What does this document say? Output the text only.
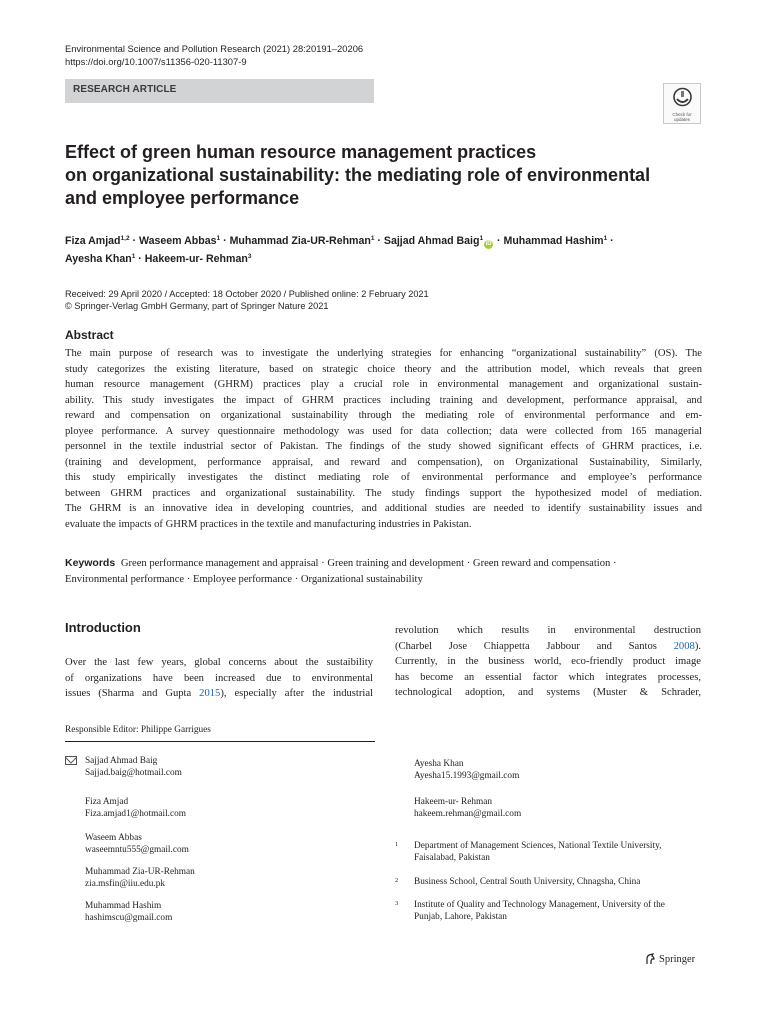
Environmental Science and Pollution Research (2021) 28:20191–20206
https://doi.org/10.1007/s11356-020-11307-9
RESEARCH ARTICLE
Check for updates
Effect of green human resource management practices
on organizational sustainability: the mediating role of environmental
and employee performance
Fiza Amjad$^{1,2}$ · Waseem Abbas$^1$ · Muhammad Zia-UR-Rehman$^1$ · Sajjad Ahmad Baig$^1$iD · Muhammad Hashim$^1$ ·
Ayesha Khan$^1$ · Hakeem-ur- Rehman$^3$
Received: 29 April 2020 / Accepted: 18 October 2020 / Published online: 2 February 2021
© Springer-Verlag GmbH Germany, part of Springer Nature 2021
Abstract
The main purpose of research was to investigate the underlying strategies for enhancing “organizational sustainability” (OS). The
study categorizes the existing literature, based on strategic choice theory and the attribution model, which reveals that green
human resource management (GHRM) practices play a crucial role in environmental management and organizational sustain-
ability. This study investigates the impact of GHRM practices including training and development, performance appraisal, and
reward and compensation on organizational sustainability through the mediating role of environmental performance and em-
ployee performance. A survey questionnaire methodology was used for data collection; data were collected from 165 managerial
personnel in the textile industrial sector of Pakistan. The findings of the study showed significant effects of GHRM practices, i.e.
(training and development, performance appraisal, and reward and compensation), on Organizational Sustainability, Similarly,
this study empirically investigates the distinct mediating role of environmental performance and employee’s performance
between GHRM practices and organizational sustainability. The study findings support the hypothesized model of mediation.
The GHRM is an innovative idea in developing countries, and additional studies are needed to identify sustainability issues and
evaluate the impacts of GHRM practices in the textile and manufacturing industries in Pakistan.
Keywords Green performance management and appraisal · Green training and development · Green reward and compensation ·
Environmental performance · Employee performance · Organizational sustainability
Introduction
Over the last few years, global concerns about the sustaibility
of organizations have been increased due to environmental
issues (Sharma and Gupta 2015), especially after the industrial
revolution which results in environmental destruction
(Charbel Jose Chiappetta Jabbour and Santos 2008).
Currently, in the business world, eco-friendly product image
has become an essential factor which integrates processes,
technological adoption, and systems (Muster & Schrader,
Responsible Editor: Philippe Garrigues
Sajjad Ahmad Baig
Sajjad.baig@hotmail.com
Fiza Amjad
Fiza.amjad1@hotmail.com
Waseem Abbas
waseemntu555@gmail.com
Muhammad Zia-UR-Rehman
zia.msfin@iiu.edu.pk
Muhammad Hashim
hashimscu@gmail.com
Ayesha Khan
Ayesha15.1993@gmail.com
Hakeem-ur- Rehman
hakeem.rehman@gmail.com
1	Department of Management Sciences, National Textile University,
Faisalabad, Pakistan
2	Business School, Central South University, Chnagsha, China
3	Institute of Quality and Technology Management, University of the
Punjab, Lahore, Pakistan
Springer
